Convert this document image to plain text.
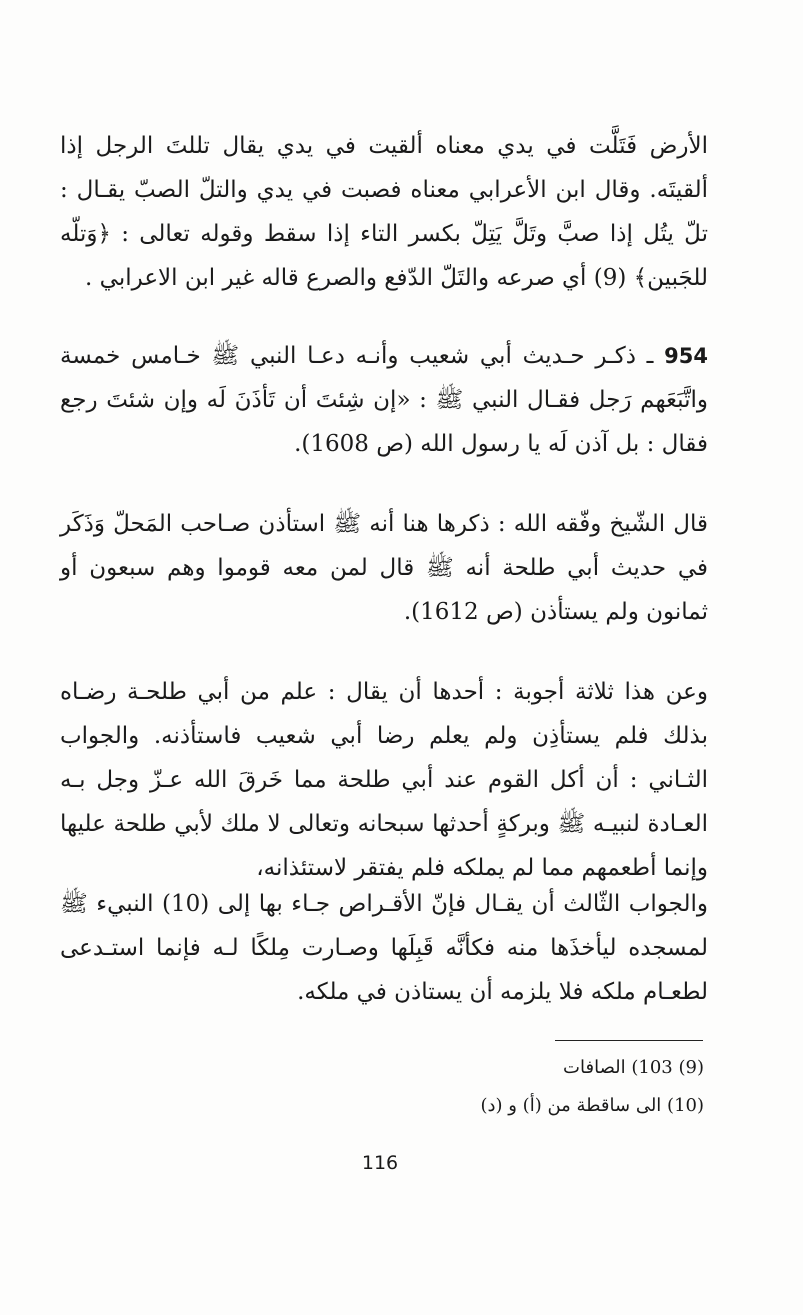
الأرض فَتَلَّت في يدي معناه ألقيت في يدي يقال تللتَ الرجل إذا ألقيتَه. وقال ابن الأعرابي معناه فصبت في يدي والتلّ الصبّ يقـال : تلّ يتُل إذا صبَّ وتَلَّ يَتِلّ بكسر التاء إذا سقط وقوله تعالى : ﴿وَتلّه للجَبين﴾ (9) أي صرعه والتَلّ الدّفع والصرع قاله غير ابن الاعرابي .

954 ـ ذكـر حـديث أبي شعيب وأنـه دعـا النبي ﷺ خـامس خمسة واتَّبَعَهم رَجل فقـال النبي ﷺ : «إن شِئتَ أن تَأذَنَ لَه وإن شئتَ رجع فقال : بل آذن لَه يا رسول الله (ص 1608).

قال الشّيخ وفّقه الله : ذكرها هنا أنه ﷺ استأذن صـاحب المَحلّ وَذَكَر في حديث أبي طلحة أنه ﷺ قال لمن معه قوموا وهم سبعون أو ثمانون ولم يستأذن (ص 1612).

وعن هذا ثلاثة أجوبة : أحدها أن يقال : علم من أبي طلحـة رضـاه بذلك فلم يستأذِن ولم يعلم رضا أبي شعيب فاستأذنه. والجواب الثـاني : أن أكل القوم عند أبي طلحة مما خَرقَ الله عـزّ وجل بـه العـادة لنبيـه ﷺ وبركةٍ أحدثها سبحانه وتعالى لا ملك لأبي طلحة عليها وإنما أطعمهم مما لم يملكه فلم يفتقر لاستئذانه،

والجواب الثّالث أن يقـال فإنّ الأقـراص جـاء بها إلى (10) النبيء ﷺ لمسجده ليأخذَها منه فكأنَّه قَبِلَها وصـارت مِلكًا لـه فإنما استـدعى لطعـام ملكه فلا يلزمه أن يستاذن في ملكه.

(9) 103) الصافات

(10) الى ساقطة من (أ) و (د)

116
